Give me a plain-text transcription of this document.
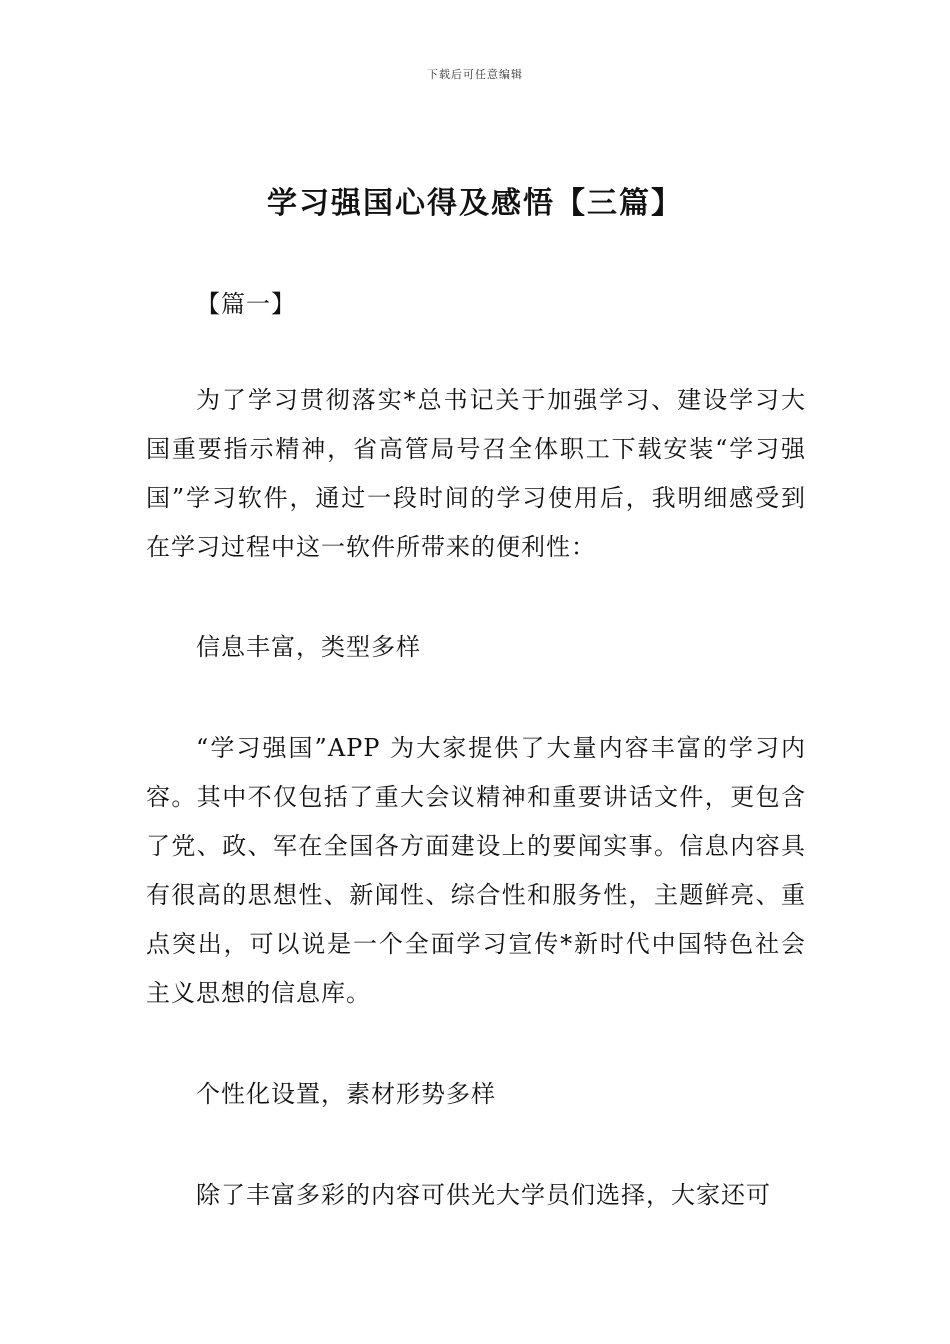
下载后可任意编辑
学习强国心得及感悟【三篇】
【篇一】
为了学习贯彻落实*总书记关于加强学习、建设学习大国重要指示精神，省高管局号召全体职工下载安装“学习强国”学习软件，通过一段时间的学习使用后，我明细感受到在学习过程中这一软件所带来的便利性：
信息丰富，类型多样
“学习强国”APP 为大家提供了大量内容丰富的学习内容。其中不仅包括了重大会议精神和重要讲话文件，更包含了党、政、军在全国各方面建设上的要闻实事。信息内容具有很高的思想性、新闻性、综合性和服务性，主题鲜亮、重点突出，可以说是一个全面学习宣传*新时代中国特色社会主义思想的信息库。
个性化设置，素材形势多样
除了丰富多彩的内容可供光大学员们选择，大家还可
